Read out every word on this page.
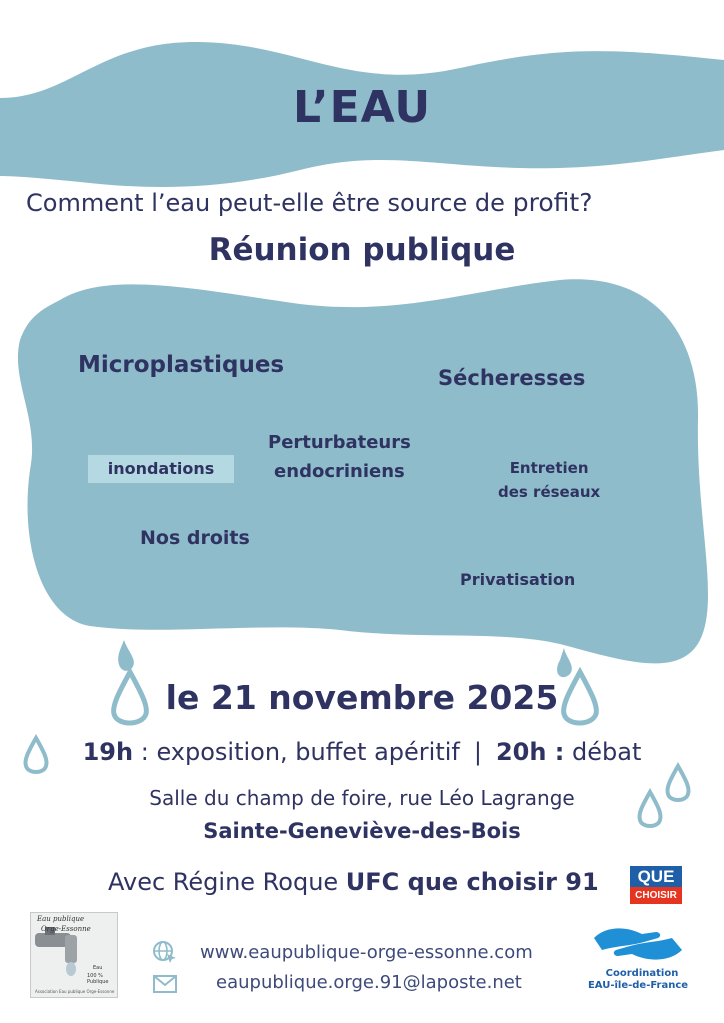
L’EAU
Comment l’eau peut-elle être source de profit?
Réunion publique
Microplastiques	Sécheresses
Perturbateurs
endocriniens
inondations	Entretien
des réseaux
Nos droits
Privatisation
le 21 novembre 2025
19h : exposition, buffet apéritif | 20h : débat
Salle du champ de foire, rue Léo Lagrange
Sainte-Geneviève-des-Bois
Avec Régine Roque UFC que choisir 91	QUE
CHOISIR
Eau publique
Orge-Essonne
Eau
100 % Publique
Association Eau publique Orge-Essonne
www.eaupublique-orge-essonne.com
eaupublique.orge.91@laposte.net	Coordination
EAU-île-de-France
